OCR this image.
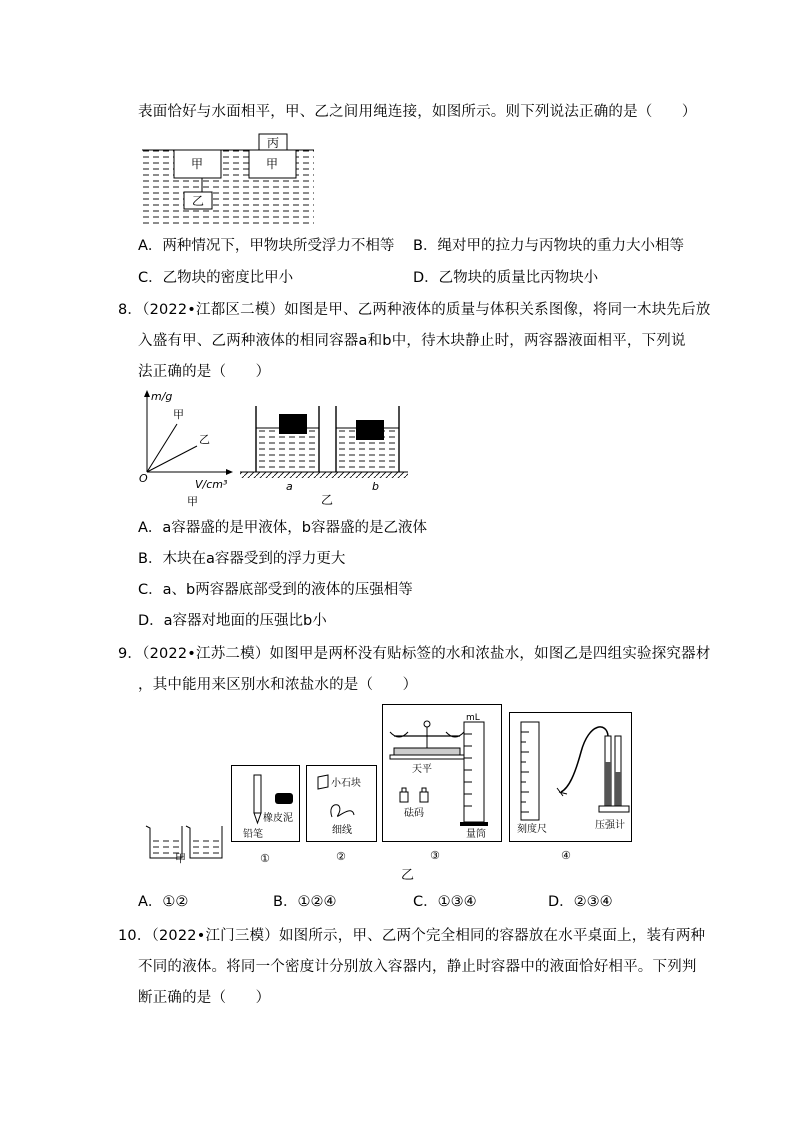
表面恰好与水面相平，甲、乙之间用绳连接，如图所示。则下列说法正确的是（　　）
甲
乙
丙
甲
A．两种情况下，甲物块所受浮力不相等 B．绳对甲的拉力与丙物块的重力大小相等
C．乙物块的密度比甲小	D．乙物块的质量比丙物块小
8．（2022•江都区二模）如图是甲、乙两种液体的质量与体积关系图像，将同一木块先后放
入盛有甲、乙两种液体的相同容器a和b中，待木块静止时，两容器液面相平，下列说
法正确的是（　　）
m/g
甲
乙
O	V/cm³
甲
a	b
乙
A．a容器盛的是甲液体，b容器盛的是乙液体
B．木块在a容器受到的浮力更大
C．a、b两容器底部受到的液体的压强相等
D．a容器对地面的压强比b小
9．（2022•江苏二模）如图甲是两杯没有贴标签的水和浓盐水，如图乙是四组实验探究器材
，其中能用来区别水和浓盐水的是（　　）
甲
橡皮泥
铅笔
①
小石块
细线
②
天平
砝码
mL
量筒
③
刻度尺	压强计
④
乙
A．①②	B．①②④	C．①③④	D．②③④
10．（2022•江门三模）如图所示，甲、乙两个完全相同的容器放在水平桌面上，装有两种
不同的液体。将同一个密度计分别放入容器内，静止时容器中的液面恰好相平。下列判
断正确的是（　　）
